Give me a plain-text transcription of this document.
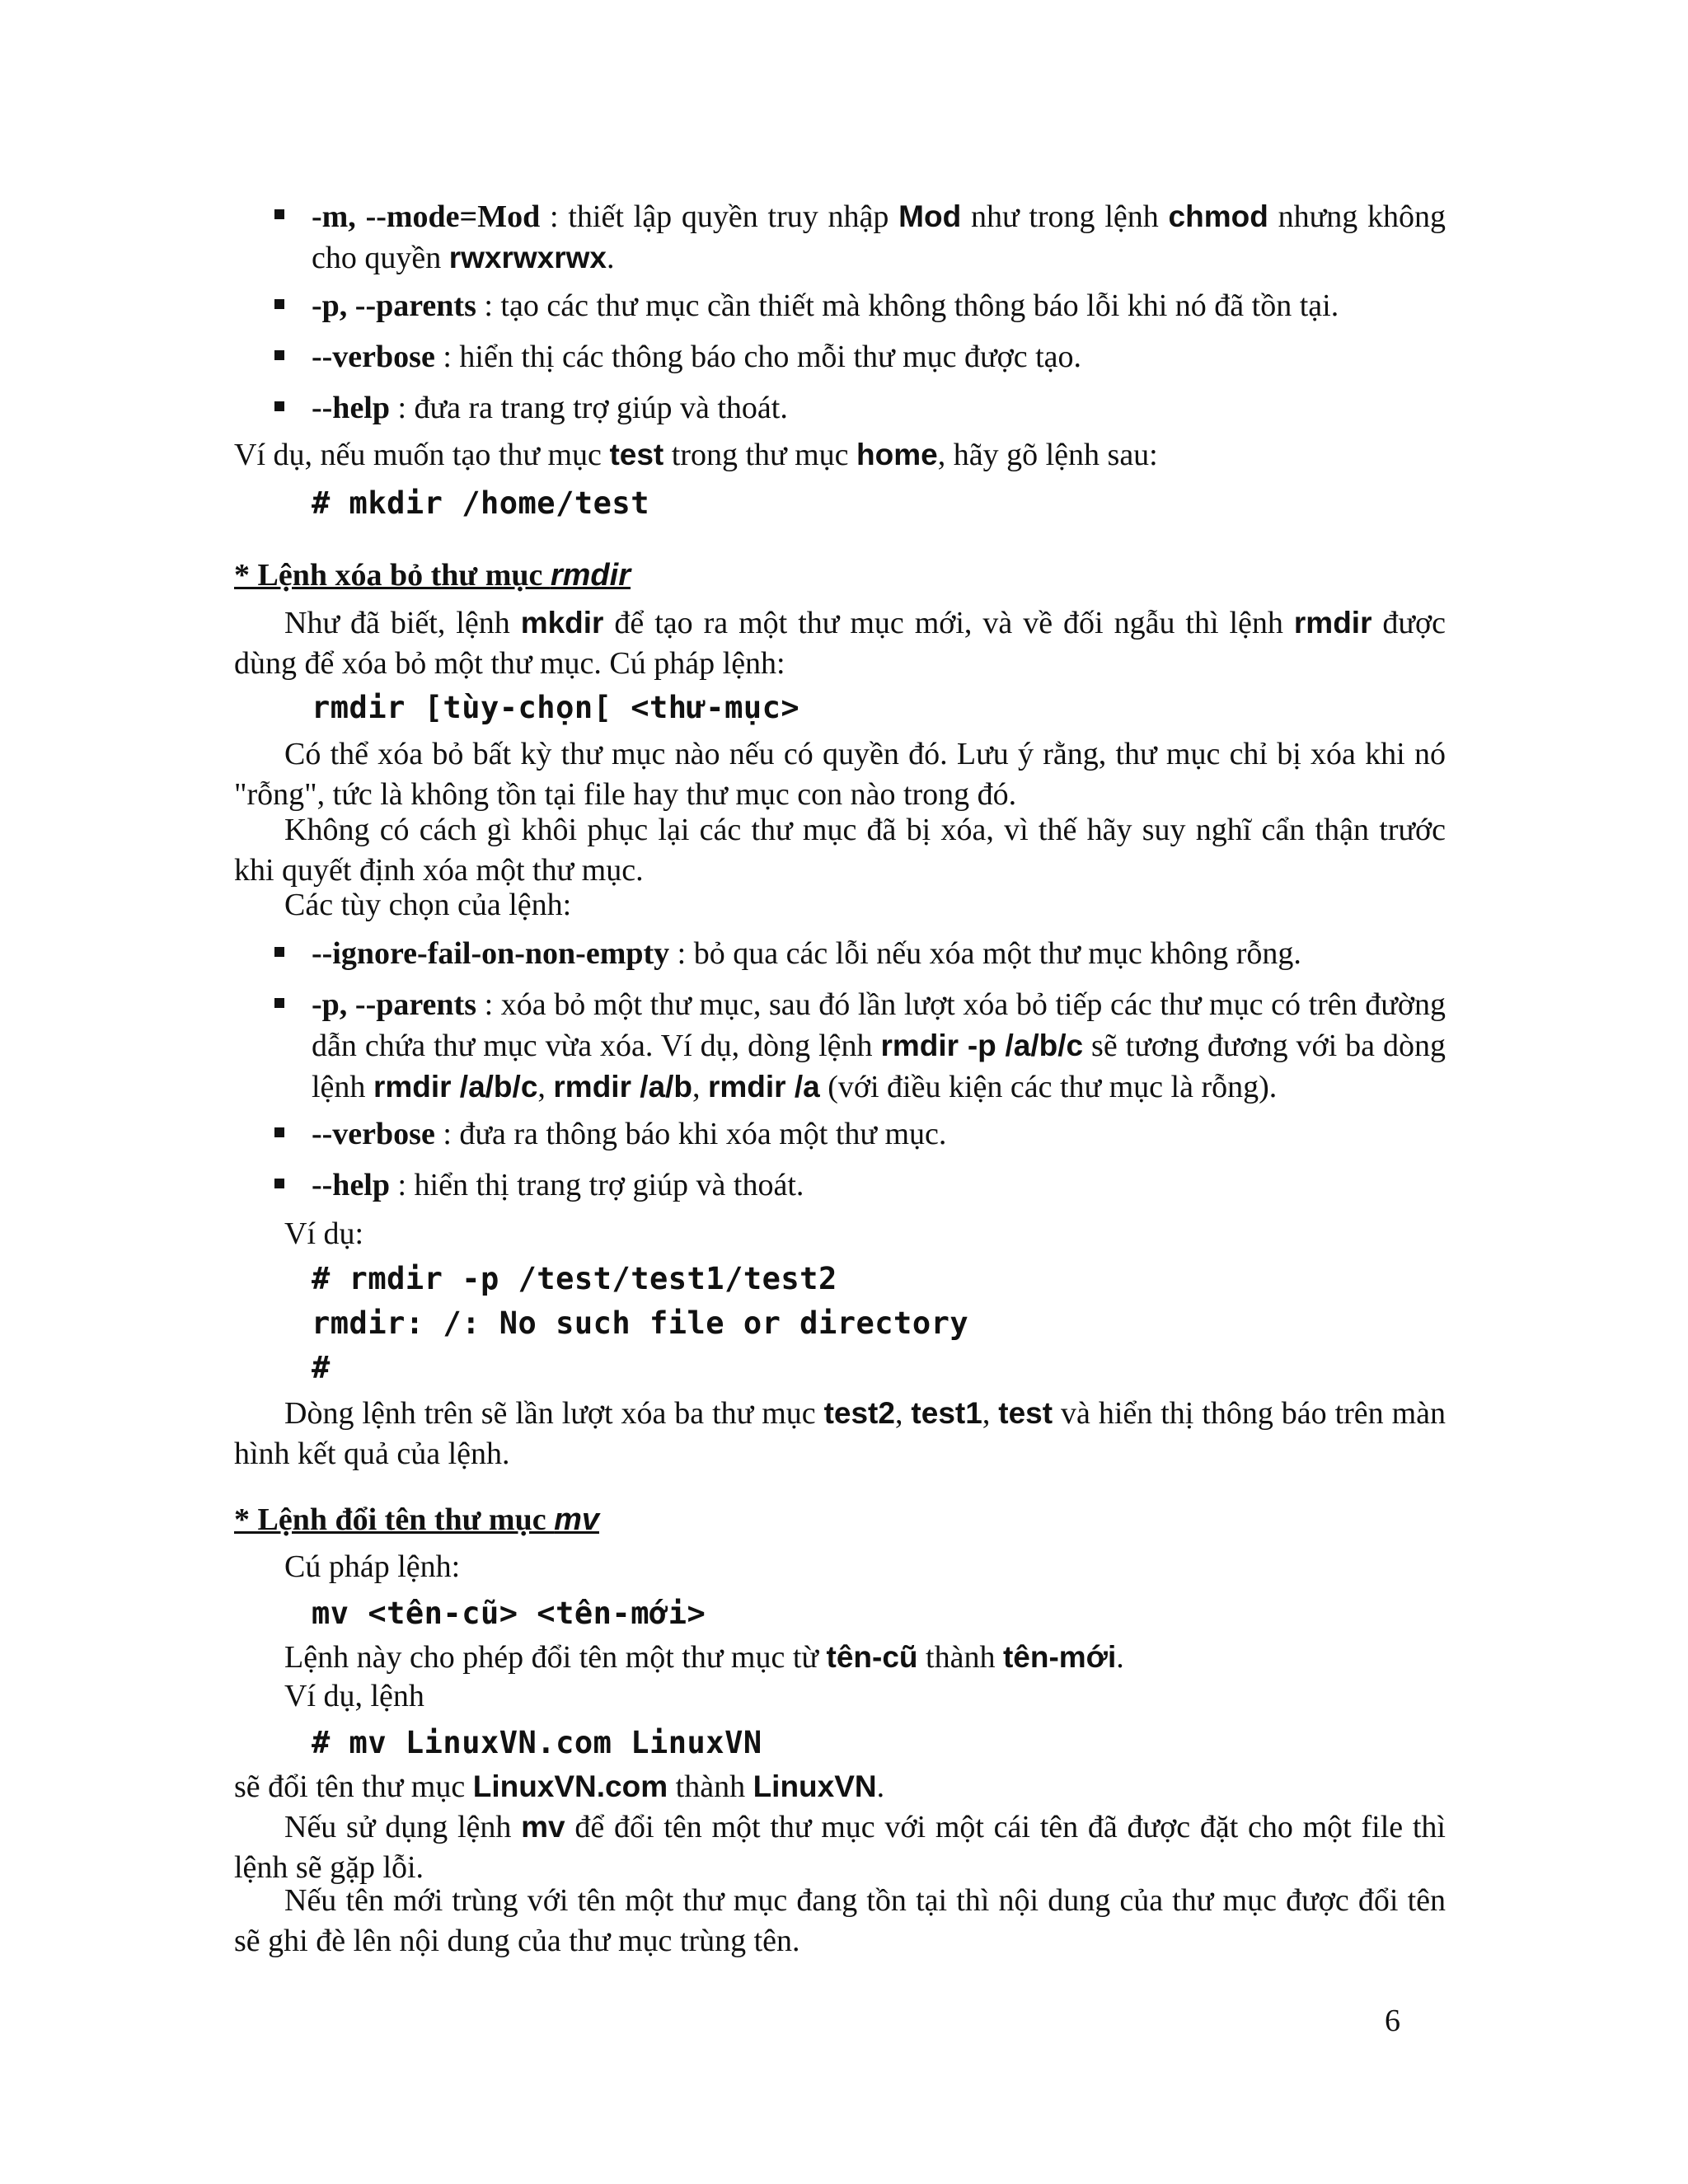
-m, --mode=Mod : thiết lập quyền truy nhập Mod như trong lệnh chmod nhưng không cho quyền rwxrwxrwx.
-p, --parents : tạo các thư mục cần thiết mà không thông báo lỗi khi nó đã tồn tại.
--verbose : hiển thị các thông báo cho mỗi thư mục được tạo.
--help : đưa ra trang trợ giúp và thoát.

Ví dụ, nếu muốn tạo thư mục test trong thư mục home, hãy gõ lệnh sau:

# mkdir /home/test

* Lệnh xóa bỏ thư mục rmdir

Như đã biết, lệnh mkdir để tạo ra một thư mục mới, và về đối ngẫu thì lệnh rmdir được dùng để xóa bỏ một thư mục. Cú pháp lệnh:

rmdir [tùy-chọn[ <thư-mục>

Có thể xóa bỏ bất kỳ thư mục nào nếu có quyền đó. Lưu ý rằng, thư mục chỉ bị xóa khi nó "rỗng", tức là không tồn tại file hay thư mục con nào trong đó.

Không có cách gì khôi phục lại các thư mục đã bị xóa, vì thế hãy suy nghĩ cẩn thận trước khi quyết định xóa một thư mục.

Các tùy chọn của lệnh:

--ignore-fail-on-non-empty : bỏ qua các lỗi nếu xóa một thư mục không rỗng.
-p, --parents : xóa bỏ một thư mục, sau đó lần lượt xóa bỏ tiếp các thư mục có trên đường dẫn chứa thư mục vừa xóa. Ví dụ, dòng lệnh rmdir -p /a/b/c sẽ tương đương với ba dòng lệnh rmdir /a/b/c, rmdir /a/b, rmdir /a (với điều kiện các thư mục là rỗng).
--verbose : đưa ra thông báo khi xóa một thư mục.
--help : hiển thị trang trợ giúp và thoát.

Ví dụ:

# rmdir -p /test/test1/test2
rmdir: /: No such file or directory
#

Dòng lệnh trên sẽ lần lượt xóa ba thư mục test2, test1, test và hiển thị thông báo trên màn hình kết quả của lệnh.

* Lệnh đổi tên thư mục mv

Cú pháp lệnh:

mv <tên-cũ> <tên-mới>

Lệnh này cho phép đổi tên một thư mục từ tên-cũ thành tên-mới.

Ví dụ, lệnh

# mv LinuxVN.com LinuxVN

sẽ đổi tên thư mục LinuxVN.com thành LinuxVN.

Nếu sử dụng lệnh mv để đổi tên một thư mục với một cái tên đã được đặt cho một file thì lệnh sẽ gặp lỗi.

Nếu tên mới trùng với tên một thư mục đang tồn tại thì nội dung của thư mục được đổi tên sẽ ghi đè lên nội dung của thư mục trùng tên.

6
